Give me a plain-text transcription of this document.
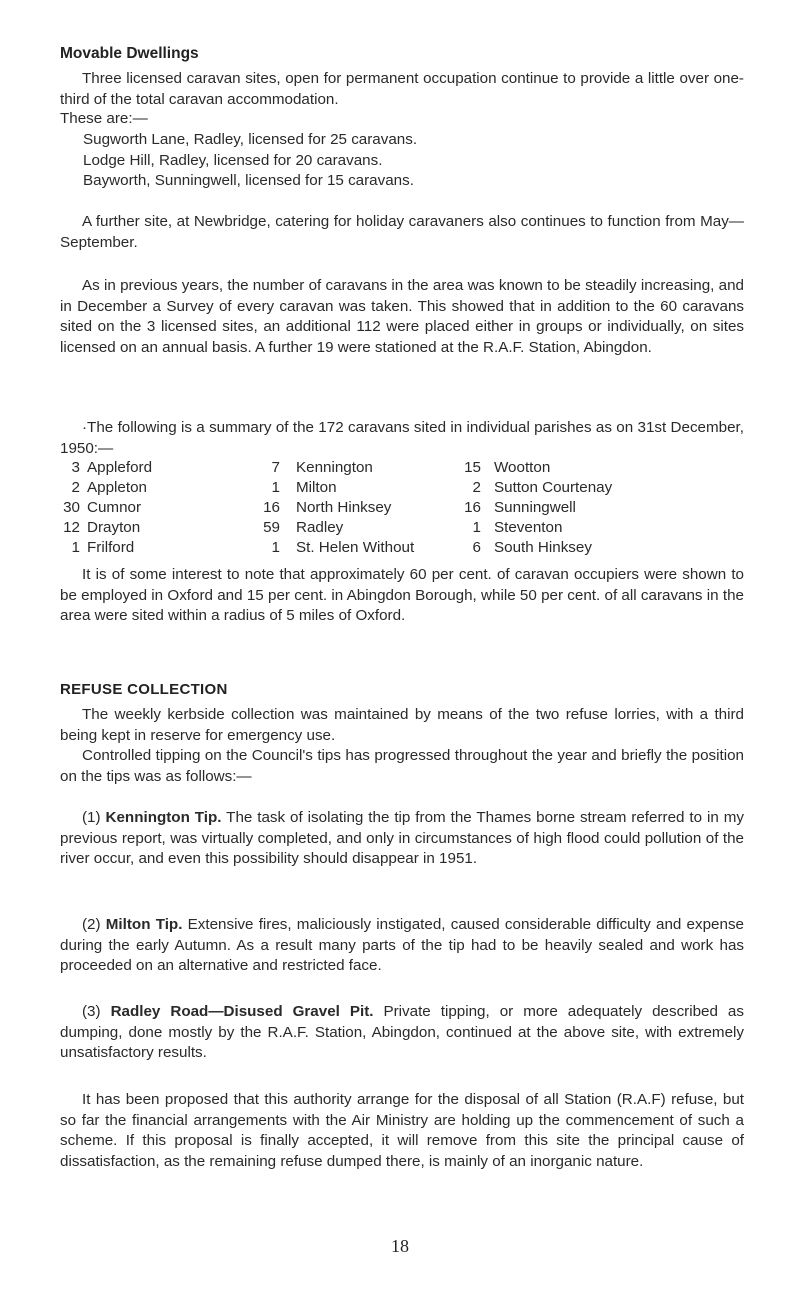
Movable Dwellings

Three licensed caravan sites, open for permanent occupation continue to provide a little over one-third of the total caravan accommodation.

These are:—

Sugworth Lane, Radley, licensed for 25 caravans.
Lodge Hill, Radley, licensed for 20 caravans.
Bayworth, Sunningwell, licensed for 15 caravans.

A further site, at Newbridge, catering for holiday caravaners also continues to function from May—September.

As in previous years, the number of caravans in the area was known to be steadily increasing, and in December a Survey of every caravan was taken. This showed that in addition to the 60 caravans sited on the 3 licensed sites, an additional 112 were placed either in groups or individually, on sites licensed on an annual basis. A further 19 were stationed at the R.A.F. Station, Abingdon.

·The following is a summary of the 172 caravans sited in individual parishes as on 31st December, 1950:—

3 Appleford	7 Kennington	15 Wootton
2 Appleton	1 Milton	2 Sutton Courtenay
30 Cumnor	16 North Hinksey	16 Sunningwell
12 Drayton	59 Radley	1 Steventon
1 Frilford	1 St. Helen Without	6 South Hinksey

It is of some interest to note that approximately 60 per cent. of caravan occupiers were shown to be employed in Oxford and 15 per cent. in Abingdon Borough, while 50 per cent. of all caravans in the area were sited within a radius of 5 miles of Oxford.

REFUSE COLLECTION

The weekly kerbside collection was maintained by means of the two refuse lorries, with a third being kept in reserve for emergency use.

Controlled tipping on the Council's tips has progressed throughout the year and briefly the position on the tips was as follows:—

(1) Kennington Tip. The task of isolating the tip from the Thames borne stream referred to in my previous report, was virtually completed, and only in circumstances of high flood could pollution of the river occur, and even this possibility should disappear in 1951.

(2) Milton Tip. Extensive fires, maliciously instigated, caused considerable difficulty and expense during the early Autumn. As a result many parts of the tip had to be heavily sealed and work has proceeded on an alternative and restricted face.

(3) Radley Road—Disused Gravel Pit. Private tipping, or more adequately described as dumping, done mostly by the R.A.F. Station, Abingdon, continued at the above site, with extremely unsatisfactory results.

It has been proposed that this authority arrange for the disposal of all Station (R.A.F) refuse, but so far the financial arrangements with the Air Ministry are holding up the commencement of such a scheme. If this proposal is finally accepted, it will remove from this site the principal cause of dissatisfaction, as the remaining refuse dumped there, is mainly of an inorganic nature.

18
